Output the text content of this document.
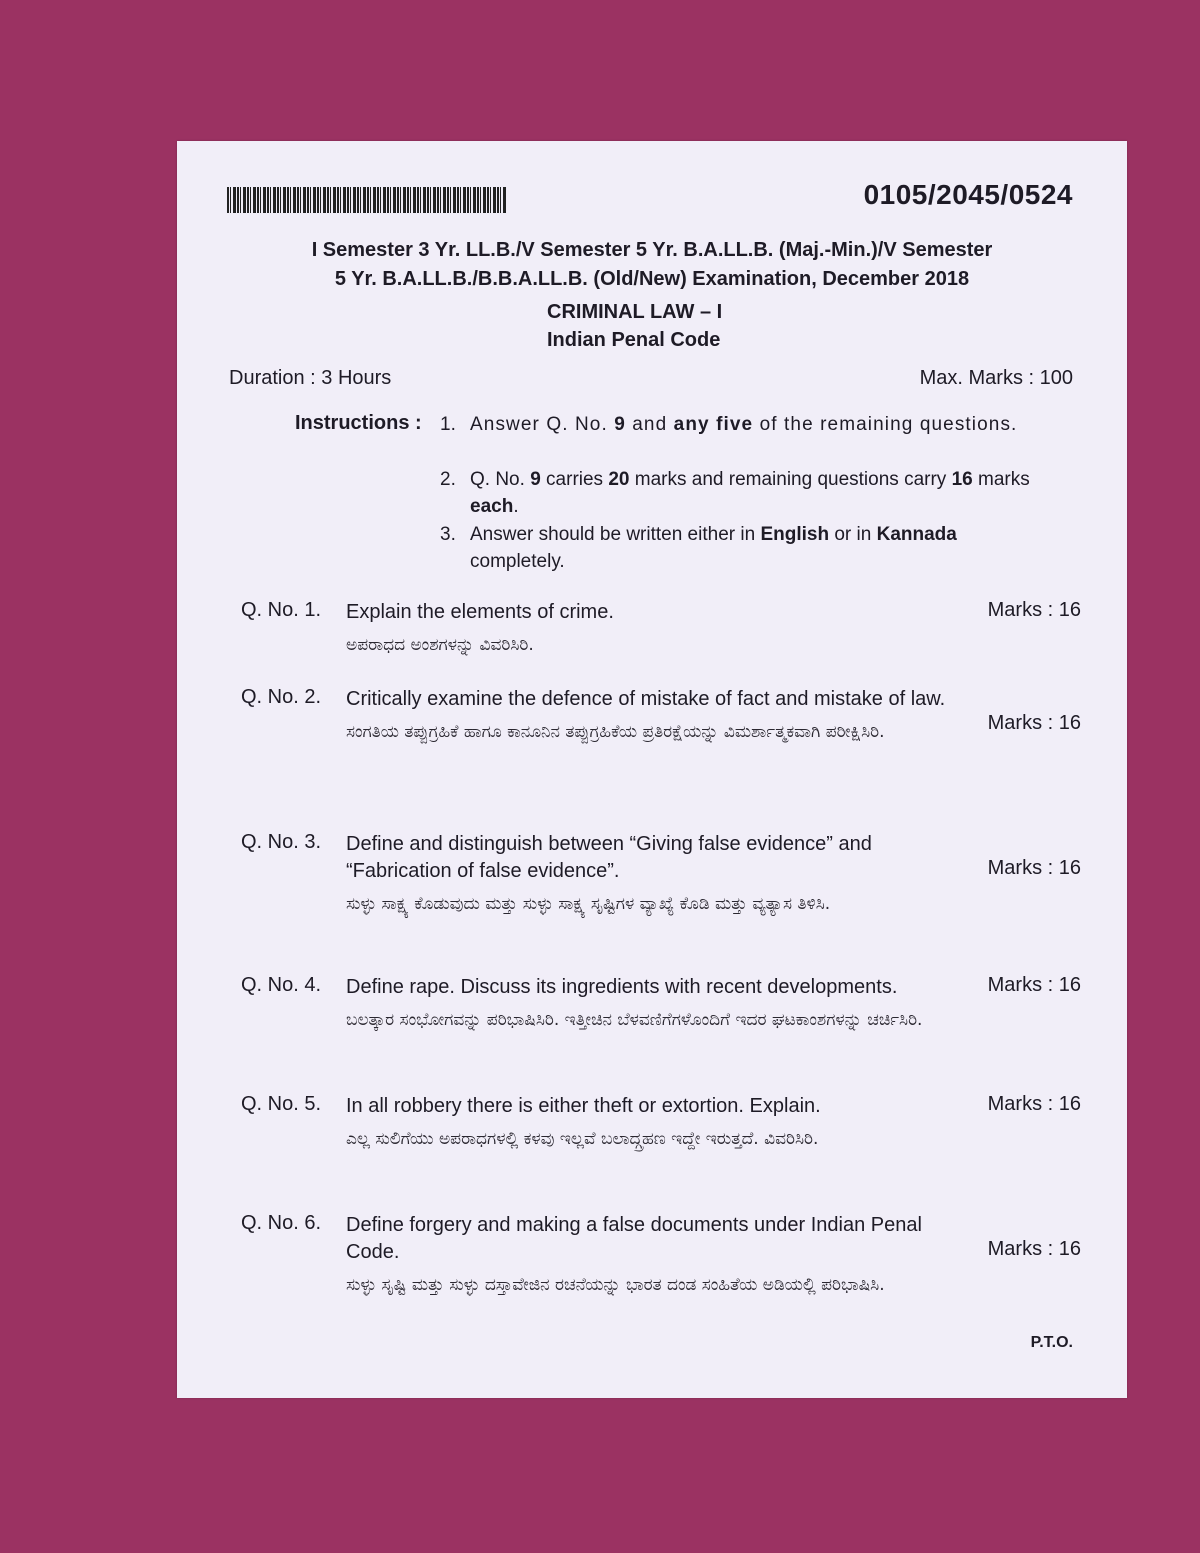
0105/2045/0524
I Semester 3 Yr. LL.B./V Semester 5 Yr. B.A.LL.B. (Maj.-Min.)/V Semester
5 Yr. B.A.LL.B./B.B.A.LL.B. (Old/New) Examination, December 2018
CRIMINAL LAW – I
Indian Penal Code
Duration : 3 Hours	Max. Marks : 100
Instructions : 1. Answer Q. No. 9 and any five of the remaining questions.
2. Q. No. 9 carries 20 marks and remaining questions carry 16 marks each.
3. Answer should be written either in English or in Kannada completely.
Q. No. 1. Explain the elements of crime.
ಅಪರಾಧದ ಅಂಶಗಳನ್ನು ವಿವರಿಸಿರಿ.
Marks : 16
Q. No. 2. Critically examine the defence of mistake of fact and mistake of law.
ಸಂಗತಿಯ ತಪ್ಪುಗ್ರಹಿಕೆ ಹಾಗೂ ಕಾನೂನಿನ ತಪ್ಪುಗ್ರಹಿಕೆಯ ಪ್ರತಿರಕ್ಷೆಯನ್ನು ವಿಮರ್ಶಾತ್ಮಕವಾಗಿ ಪರೀಕ್ಷಿಸಿರಿ.	Marks : 16
Q. No. 3. Define and distinguish between “Giving false evidence” and “Fabrication of false evidence”.
ಸುಳ್ಳು ಸಾಕ್ಷ್ಯ ಕೊಡುವುದು ಮತ್ತು ಸುಳ್ಳು ಸಾಕ್ಷ್ಯ ಸೃಷ್ಟಿಗಳ ವ್ಯಾಖ್ಯೆ ಕೊಡಿ ಮತ್ತು ವ್ಯತ್ಯಾಸ ತಿಳಿಸಿ.
Marks : 16
Q. No. 4. Define rape. Discuss its ingredients with recent developments.
ಬಲತ್ಕಾರ ಸಂಭೋಗವನ್ನು ಪರಿಭಾಷಿಸಿರಿ. ಇತ್ತೀಚಿನ ಬೆಳವಣಿಗೆಗಳೊಂದಿಗೆ ಇದರ ಘಟಕಾಂಶಗಳನ್ನು ಚರ್ಚಿಸಿರಿ.
Marks : 16
Q. No. 5. In all robbery there is either theft or extortion. Explain.
ಎಲ್ಲ ಸುಲಿಗೆಯು ಅಪರಾಧಗಳಲ್ಲಿ ಕಳವು ಇಲ್ಲವೆ ಬಲಾದ್ಗ್ರಹಣ ಇದ್ದೇ ಇರುತ್ತದೆ. ವಿವರಿಸಿರಿ.
Marks : 16
Q. No. 6. Define forgery and making a false documents under Indian Penal Code.
ಸುಳ್ಳು ಸೃಷ್ಟಿ ಮತ್ತು ಸುಳ್ಳು ದಸ್ತಾವೇಜಿನ ರಚನೆಯನ್ನು ಭಾರತ ದಂಡ ಸಂಹಿತೆಯ ಅಡಿಯಲ್ಲಿ ಪರಿಭಾಷಿಸಿ.
Marks : 16
P.T.O.
